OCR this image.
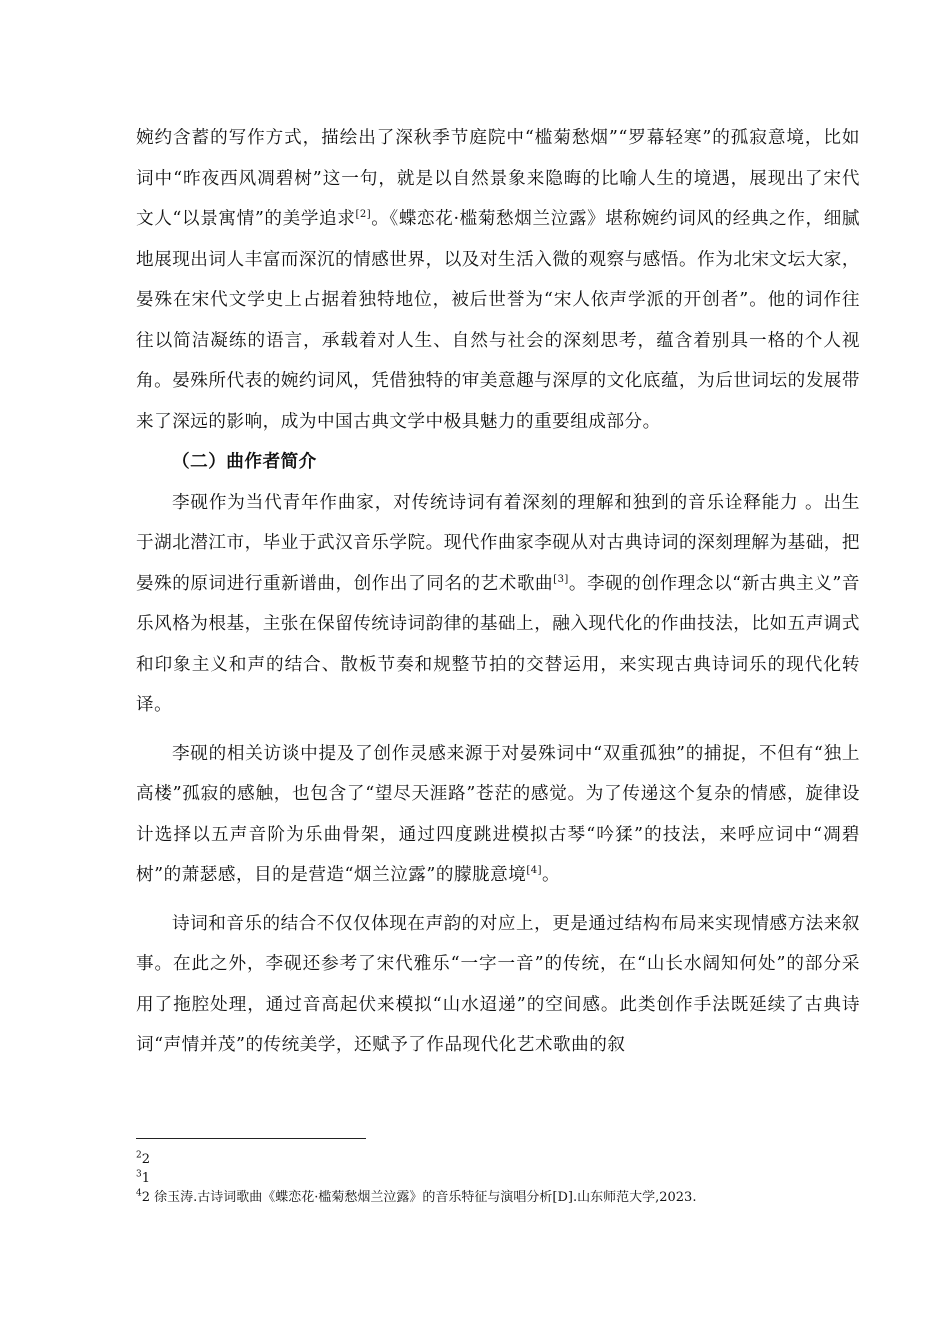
婉约含蓄的写作方式，描绘出了深秋季节庭院中“槛菊愁烟”“罗幕轻寒”的孤寂意境，比如词中“昨夜西风凋碧树”这一句，就是以自然景象来隐晦的比喻人生的境遇，展现出了宋代文人“以景寓情”的美学追求[2]。《蝶恋花·槛菊愁烟兰泣露》堪称婉约词风的经典之作，细腻地展现出词人丰富而深沉的情感世界，以及对生活入微的观察与感悟。作为北宋文坛大家，晏殊在宋代文学史上占据着独特地位，被后世誉为“宋人依声学派的开创者”。他的词作往往以简洁凝练的语言，承载着对人生、自然与社会的深刻思考，蕴含着别具一格的个人视角。晏殊所代表的婉约词风，凭借独特的审美意趣与深厚的文化底蕴，为后世词坛的发展带来了深远的影响，成为中国古典文学中极具魅力的重要组成部分。

（二）曲作者简介

李砚作为当代青年作曲家，对传统诗词有着深刻的理解和独到的音乐诠释能力 。出生于湖北潜江市，毕业于武汉音乐学院。现代作曲家李砚从对古典诗词的深刻理解为基础，把晏殊的原词进行重新谱曲，创作出了同名的艺术歌曲[3]。李砚的创作理念以“新古典主义”音乐风格为根基，主张在保留传统诗词韵律的基础上，融入现代化的作曲技法，比如五声调式和印象主义和声的结合、散板节奏和规整节拍的交替运用，来实现古典诗词乐的现代化转译。

李砚的相关访谈中提及了创作灵感来源于对晏殊词中“双重孤独”的捕捉，不但有“独上高楼”孤寂的感触，也包含了“望尽天涯路”苍茫的感觉。为了传递这个复杂的情感，旋律设计选择以五声音阶为乐曲骨架，通过四度跳进模拟古琴“吟猱”的技法，来呼应词中“凋碧树”的萧瑟感，目的是营造“烟兰泣露”的朦胧意境[4]。

诗词和音乐的结合不仅仅体现在声韵的对应上，更是通过结构布局来实现情感方法来叙事。在此之外，李砚还参考了宋代雅乐“一字一音”的传统，在“山长水阔知何处”的部分采用了拖腔处理，通过音高起伏来模拟“山水迢递”的空间感。此类创作手法既延续了古典诗词“声情并茂”的传统美学，还赋予了作品现代化艺术歌曲的叙

$^2$2
$^3$1
$^4$2 徐玉涛.古诗词歌曲《蝶恋花·槛菊愁烟兰泣露》的音乐特征与演唱分析[D].山东师范大学,2023.
